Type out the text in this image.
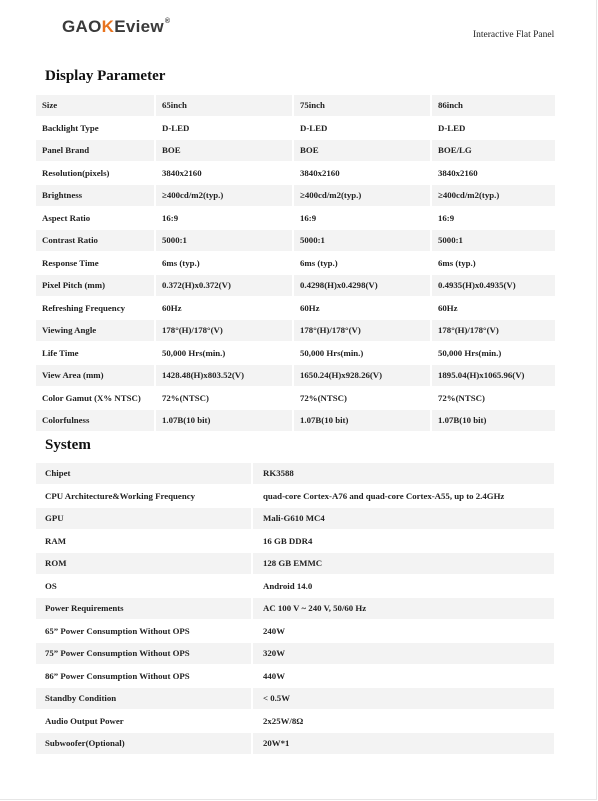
GAOKEview®
Interactive Flat Panel
Display Parameter
Size	65inch	75inch	86inch
Backlight Type	D-LED	D-LED	D-LED
Panel Brand	BOE	BOE	BOE/LG
Resolution(pixels)	3840x2160	3840x2160	3840x2160
Brightness	≥400cd/m2(typ.)	≥400cd/m2(typ.)	≥400cd/m2(typ.)
Aspect Ratio	16:9	16:9	16:9
Contrast Ratio	5000:1	5000:1	5000:1
Response Time	6ms (typ.)	6ms (typ.)	6ms (typ.)
Pixel Pitch (mm)	0.372(H)x0.372(V)	0.4298(H)x0.4298(V)	0.4935(H)x0.4935(V)
Refreshing Frequency	60Hz	60Hz	60Hz
Viewing Angle	178°(H)/178°(V)	178°(H)/178°(V)	178°(H)/178°(V)
Life Time	50,000 Hrs(min.)	50,000 Hrs(min.)	50,000 Hrs(min.)
View Area (mm)	1428.48(H)x803.52(V)	1650.24(H)x928.26(V)	1895.04(H)x1065.96(V)
Color Gamut (X% NTSC)	72%(NTSC)	72%(NTSC)	72%(NTSC)
Colorfulness	1.07B(10 bit)	1.07B(10 bit)	1.07B(10 bit)
System
Chipet	RK3588
CPU Architecture&Working Frequency	quad-core Cortex-A76 and quad-core Cortex-A55, up to 2.4GHz
GPU	Mali-G610 MC4
RAM	16 GB DDR4
ROM	128 GB EMMC
OS	Android 14.0
Power Requirements	AC 100 V ~ 240 V, 50/60 Hz
65” Power Consumption Without OPS	240W
75” Power Consumption Without OPS	320W
86” Power Consumption Without OPS	440W
Standby Condition	< 0.5W
Audio Output Power	2x25W/8Ω
Subwoofer(Optional)	20W*1
